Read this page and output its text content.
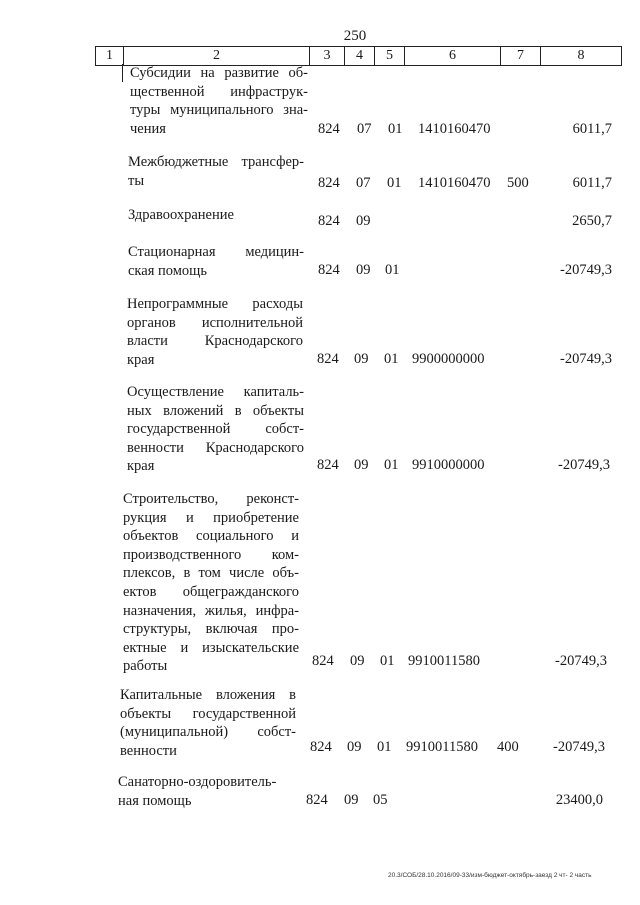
250
1	2	3	4	5	6	7	8
Субсидии на развитие об-
щественной инфраструк-
туры муниципального зна-
чения	824 07 01 1410160470	6011,7
Межбюджетные трансфер-
ты	824 07 01 1410160470 500	6011,7
Здравоохранение	824 09	2650,7
Стационарная медицин-
ская помощь	824 09 01	-20749,3
Непрограммные расходы
органов исполнительной
власти Краснодарского
края	824 09 01 9900000000	-20749,3
Осуществление капиталь-
ных вложений в объекты
государственной собст-
венности Краснодарского
края	824 09 01 9910000000	-20749,3
Строительство, реконст-
рукция и приобретение
объектов социального и
производственного ком-
плексов, в том числе объ-
ектов общегражданского
назначения, жилья, инфра-
структуры, включая про-
ектные и изыскательские
работы	824 09 01 9910011580	-20749,3
Капитальные вложения в
объекты государственной
(муниципальной) собст-
венности	824 09 01 9910011580 400 -20749,3
Санаторно-оздоровитель-
ная помощь	824 09 05	23400,0
20.3/СОБ/28.10.2016/09-33/изм-бюджет-октябрь-заезд 2 чт- 2 часть
